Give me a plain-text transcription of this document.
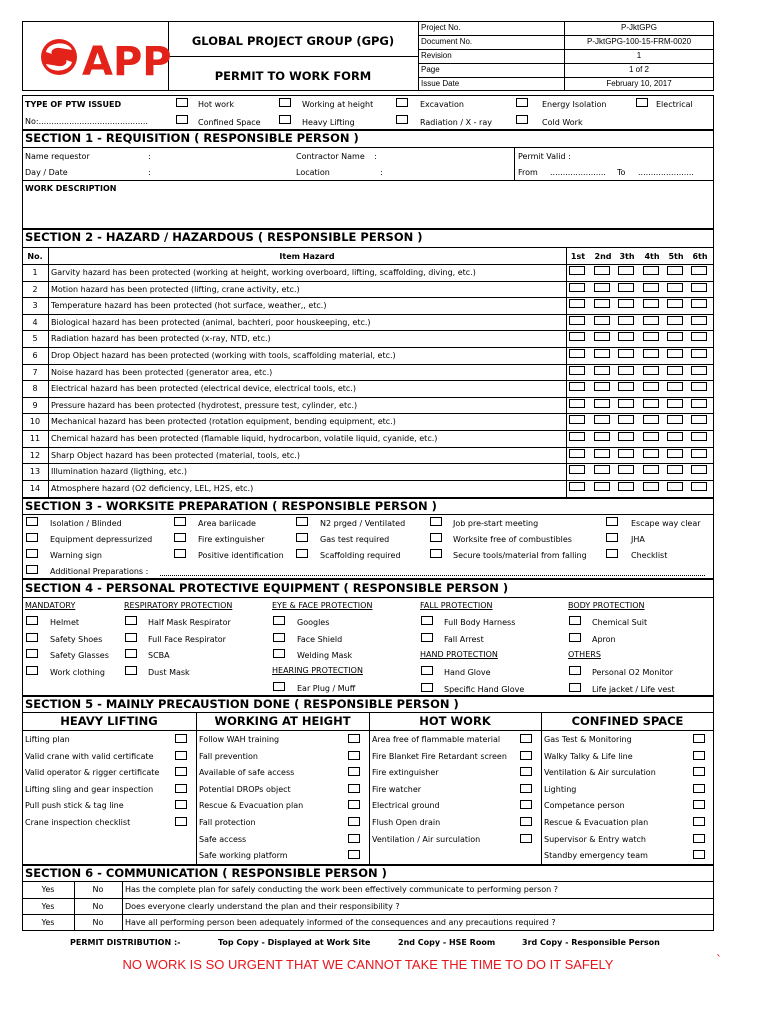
APP	GLOBAL PROJECT GROUP (GPG)
PERMIT TO WORK FORM
Project No.	P-JktGPG
Document No.	P-JktGPG-100-15-FRM-0020
Revision	1
Page	1 of 2
Issue Date	February 10, 2017
TYPE OF PTW ISSUED
No:...........................................
Hot work	Working at height	Excavation	Energy Isolation	Electrical
Confined Space	Heavy Lifting	Radiation / X - ray	Cold Work
SECTION 1 - REQUISITION ( RESPONSIBLE PERSON )
Name requestor	:
Day / Date	:
Contractor Name :
Location	:
Permit Valid :
From ...................... To ......................
WORK DESCRIPTION
SECTION 2 - HAZARD / HAZARDOUS ( RESPONSIBLE PERSON )
No.	Item Hazard	1st	2nd 3th	4th	5th	6th
1	Garvity hazard has been protected (working at height, working overboard, lifting, scaffolding, diving, etc.)
2	Motion hazard has been protected (lifting, crane activity, etc.)
3	Temperature hazard has been protected (hot surface, weather,, etc.)
4	Biological hazard has been protected (animal, bachteri, poor houskeeping, etc.)
5	Radiation hazard has been protected (x-ray, NTD, etc.)
6	Drop Object hazard has been protected (working with tools, scaffolding material, etc.)
7	Noise hazard has been protected (generator area, etc.)
8	Electrical hazard has been protected (electrical device, electrical tools, etc.)
9	Pressure hazard has been protected (hydrotest, pressure test, cylinder, etc.)
10	Mechanical hazard has been protected (rotation equipment, bending equipment, etc.)
11	Chemical hazard has been protected (flamable liquid, hydrocarbon, volatile liquid, cyanide, etc.)
12	Sharp Object hazard has been protected (material, tools, etc.)
13	Illumination hazard (ligthing, etc.)
14	Atmosphere hazard (O2 deficiency, LEL, H2S, etc.)
SECTION 3 - WORKSITE PREPARATION ( RESPONSIBLE PERSON )
Isolation / Blinded	Area bariicade	N2 prged / Ventilated	Job pre-start meeting	Escape way clear
Equipment depressurized	Fire extinguisher	Gas test required	Worksite free of combustibles	JHA
Warning sign	Positive identification	Scaffolding required	Secure tools/material from falling	Checklist
Additional Preparations :
SECTION 4 - PERSONAL PROTECTIVE EQUIPMENT ( RESPONSIBLE PERSON )
MANDATORY
Helmet
Safety Shoes
Safety Glasses
Work clothing
RESPIRATORY PROTECTION
Half Mask Respirator
Full Face Respirator
SCBA
Dust Mask
EYE & FACE PROTECTION
Googles
Face Shield
Welding Mask
HEARING PROTECTION
Ear Plug / Muff
FALL PROTECTION
Full Body Harness
Fall Arrest
HAND PROTECTION
Hand Glove
Specific Hand Glove
BODY PROTECTION
Chemical Suit
Apron
OTHERS
Personal O2 Monitor
Life jacket / Life vest
SECTION 5 - MAINLY PRECAUSTION DONE ( RESPONSIBLE PERSON )
HEAVY LIFTING
Lifting plan
Valid crane with valid certificate
Valid operator & rigger certificate
Lifting sling and gear inspection
Pull push stick & tag line
Crane inspection checklist
WORKING AT HEIGHT
Follow WAH training
Fall prevention
Available of safe access
Potential DROPs object
Rescue & Evacuation plan
Fall protection
Safe access
Safe working platform
HOT WORK
Area free of flammable material
Fire Blanket Fire Retardant screen
Fire extinguisher
Fire watcher
Electrical ground
Flush Open drain
Ventilation / Air surculation
CONFINED SPACE
Gas Test & Monitoring
Walky Talky & Life line
Ventilation & Air surculation
Lighting
Competance person
Rescue & Evacuation plan
Supervisor & Entry watch
Standby emergency team
SECTION 6 - COMMUNICATION ( RESPONSIBLE PERSON )
Yes	No	Has the complete plan for safely conducting the work been effectively communicate to performing person ?
Yes	No	Does everyone clearly understand the plan and their responsibility ?
Yes	No	Have all performing person been adequately informed of the consequences and any precautions required ?
PERMIT DISTRIBUTION :-	Top Copy - Displayed at Work Site	2nd Copy - HSE Room	3rd Copy - Responsible Person
NO WORK IS SO URGENT THAT WE CANNOT TAKE THE TIME TO DO IT SAFELY	`
